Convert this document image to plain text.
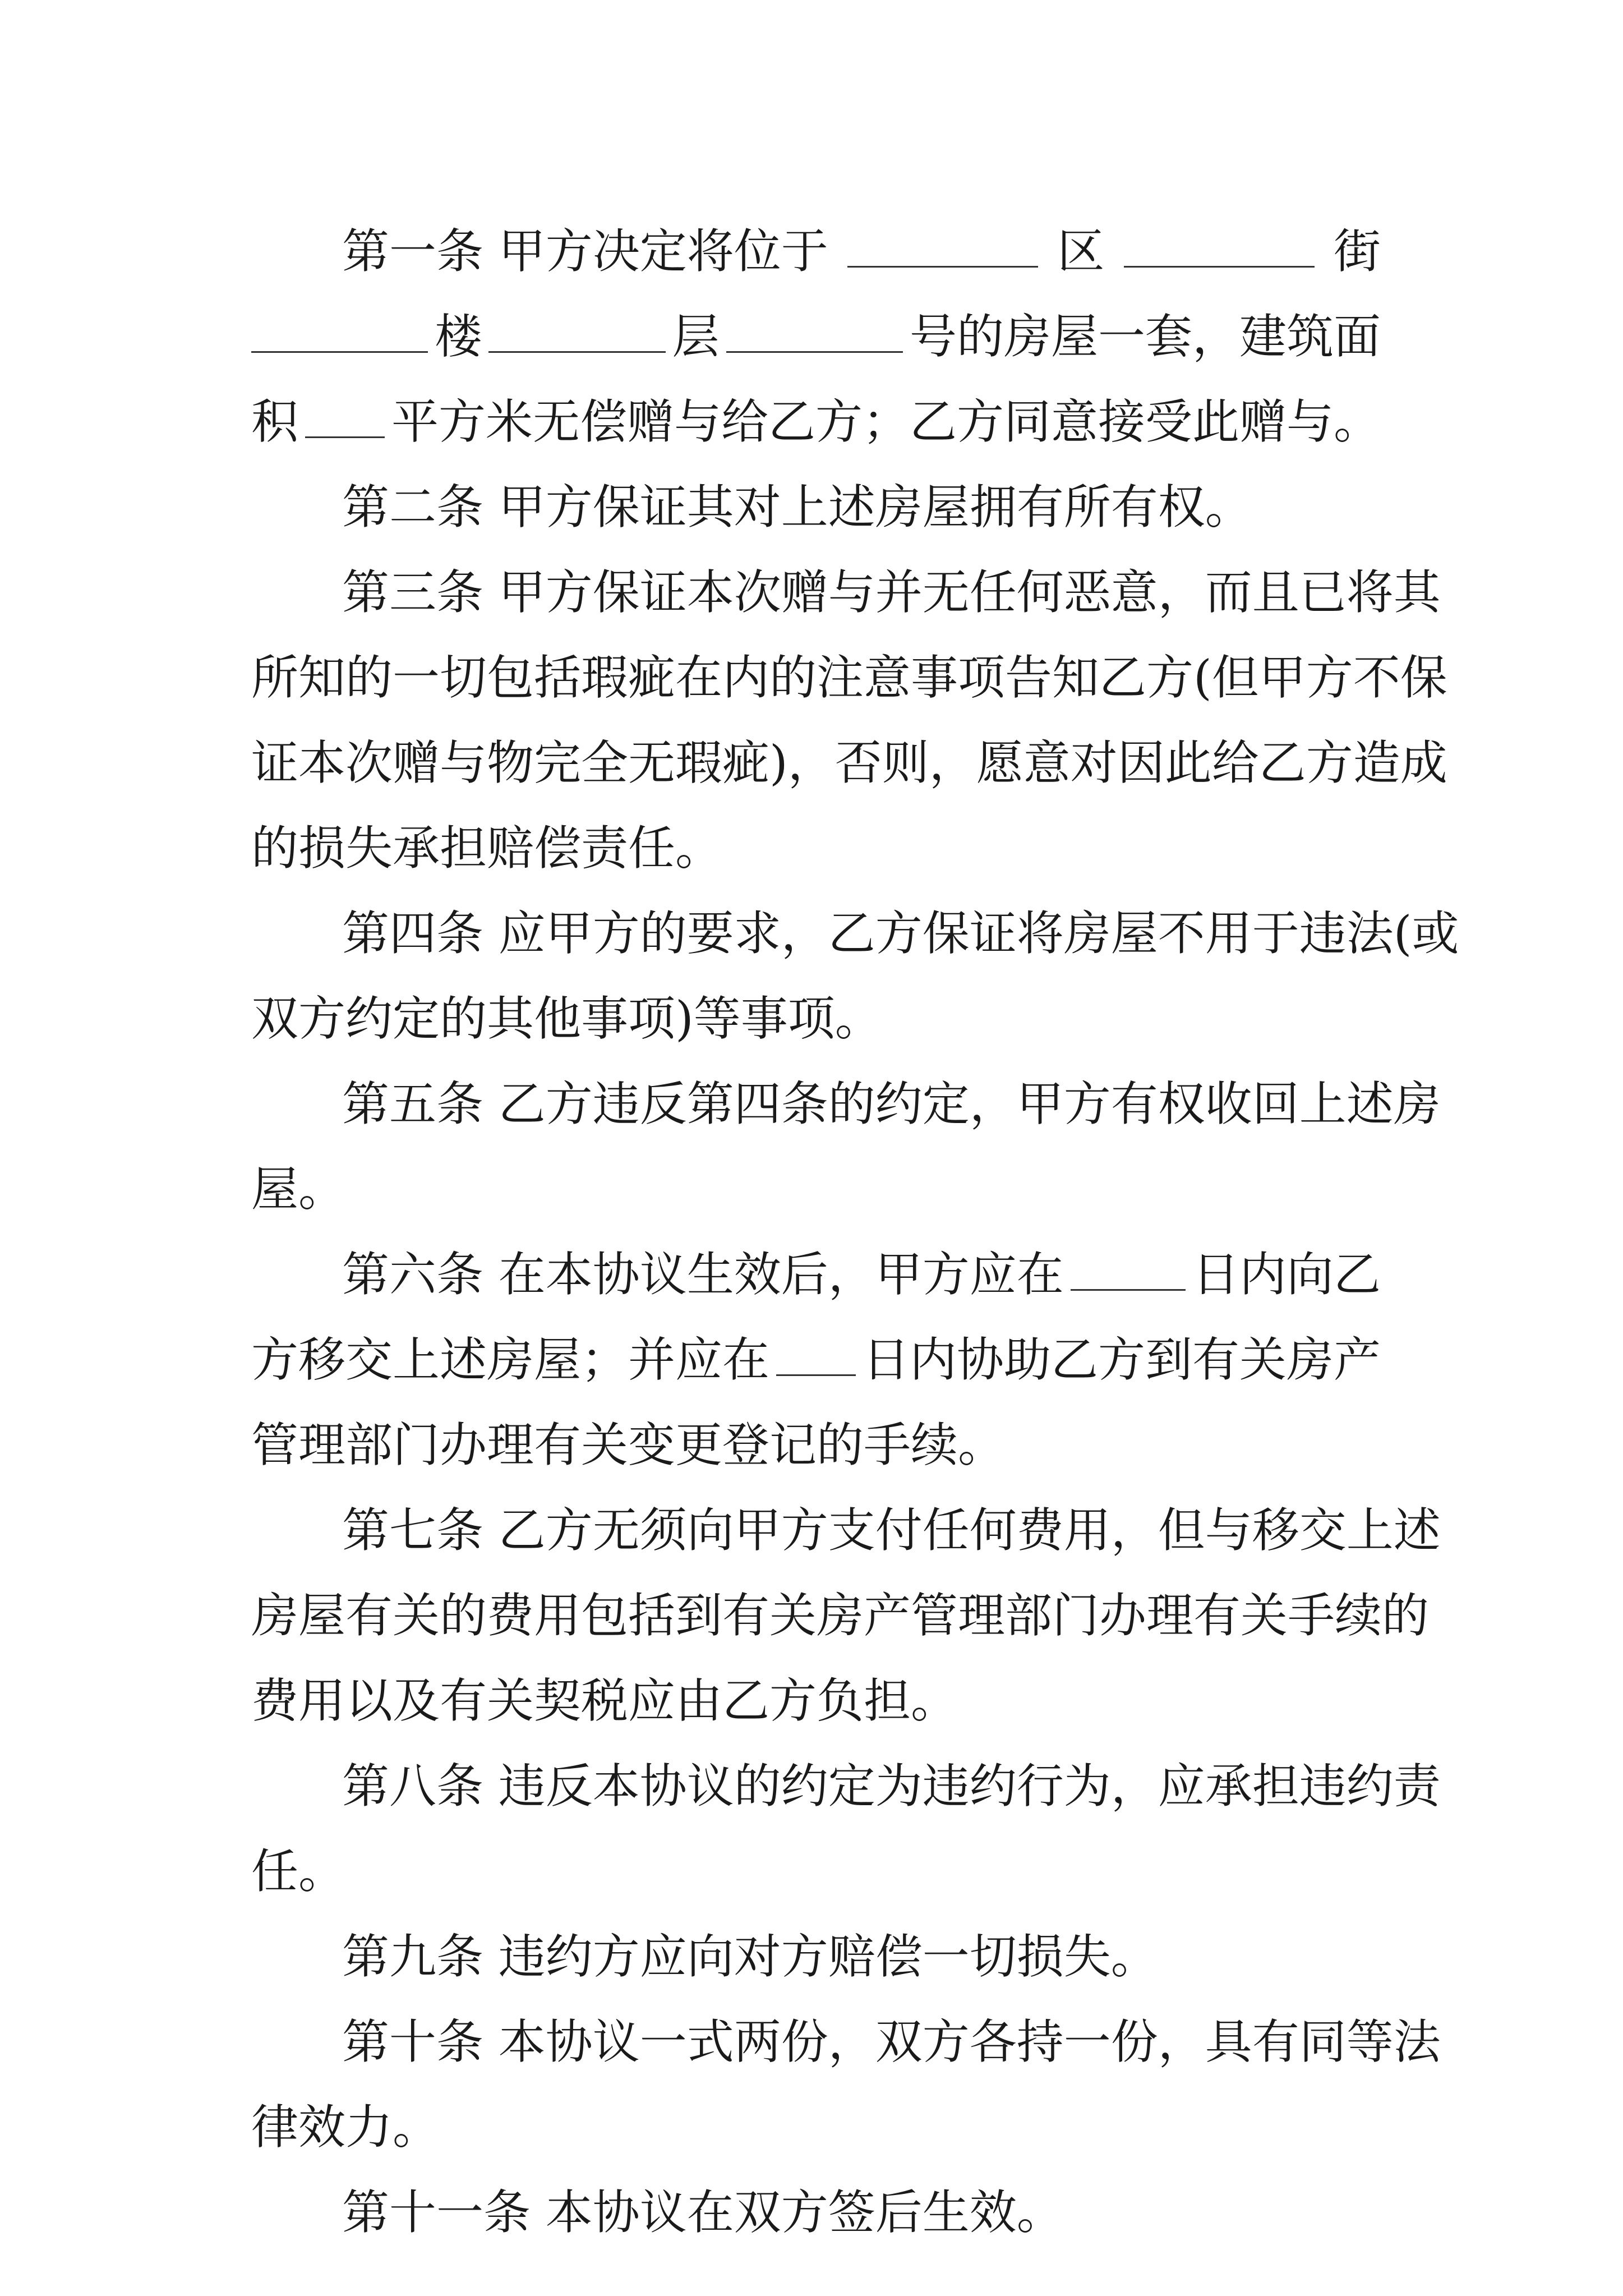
第一条 甲方决定将位于	区	街
楼	层	号的房屋一套，建筑面
积 平方米无偿赠与给乙方；乙方同意接受此赠与。
第二条 甲方保证其对上述房屋拥有所有权。
第三条 甲方保证本次赠与并无任何恶意，而且已将其
所知的一切包括瑕疵在内的注意事项告知乙方(但甲方不保
证本次赠与物完全无瑕疵)，否则，愿意对因此给乙方造成
的损失承担赔偿责任。
第四条 应甲方的要求，乙方保证将房屋不用于违法(或
双方约定的其他事项)等事项。
第五条 乙方违反第四条的约定，甲方有权收回上述房
屋。
第六条 在本协议生效后，甲方应在	日内向乙
方移交上述房屋；并应在 日内协助乙方到有关房产
管理部门办理有关变更登记的手续。
第七条 乙方无须向甲方支付任何费用，但与移交上述
房屋有关的费用包括到有关房产管理部门办理有关手续的
费用以及有关契税应由乙方负担。
第八条 违反本协议的约定为违约行为，应承担违约责
任。
第九条 违约方应向对方赔偿一切损失。
第十条 本协议一式两份，双方各持一份，具有同等法
律效力。
第十一条 本协议在双方签后生效。
